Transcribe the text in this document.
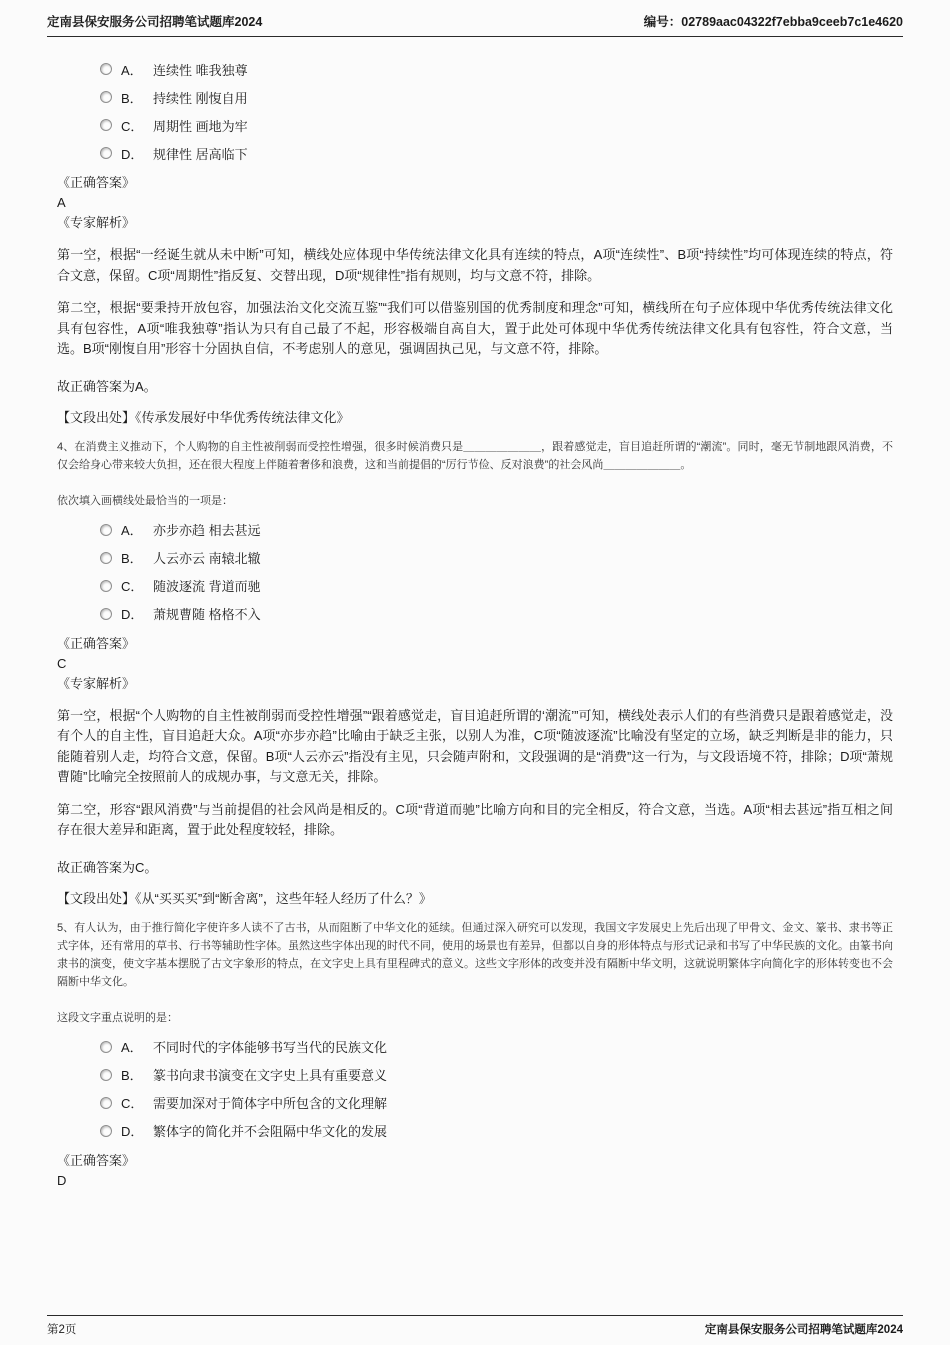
定南县保安服务公司招聘笔试题库2024	编号：02789aac04322f7ebba9ceeb7c1e4620
A． 连续性 唯我独尊
B． 持续性 刚愎自用
C． 周期性 画地为牢
D． 规律性 居高临下
《正确答案》
A
《专家解析》

第一空，根据“一经诞生就从未中断”可知，横线处应体现中华传统法律文化具有连续的特点，A项“连续性”、B项“持续性”均可体现连续的特点，符合文意，保留。C项“周期性”指反复、交替出现，D项“规律性”指有规则，均与文意不符，排除。

第二空，根据“要秉持开放包容，加强法治文化交流互鉴”“我们可以借鉴别国的优秀制度和理念”可知，横线所在句子应体现中华优秀传统法律文化具有包容性，A项“唯我独尊”指认为只有自己最了不起，形容极端自高自大，置于此处可体现中华优秀传统法律文化具有包容性，符合文意，当选。B项“刚愎自用”形容十分固执自信，不考虑别人的意见，强调固执己见，与文意不符，排除。

故正确答案为A。

【文段出处】《传承发展好中华优秀传统法律文化》

4、在消费主义推动下，个人购物的自主性被削弱而受控性增强，很多时候消费只是＿＿＿＿＿＿＿，跟着感觉走，盲目追赶所谓的“潮流”。同时，毫无节制地跟风消费，不仅会给身心带来较大负担，还在很大程度上伴随着奢侈和浪费，这和当前提倡的“厉行节俭、反对浪费”的社会风尚＿＿＿＿＿＿＿。

依次填入画横线处最恰当的一项是：

A． 亦步亦趋 相去甚远
B． 人云亦云 南辕北辙
C． 随波逐流 背道而驰
D． 萧规曹随 格格不入
《正确答案》
C
《专家解析》

第一空，根据“个人购物的自主性被削弱而受控性增强”“跟着感觉走，盲目追赶所谓的‘潮流’”可知，横线处表示人们的有些消费只是跟着感觉走，没有个人的自主性，盲目追赶大众。A项“亦步亦趋”比喻由于缺乏主张，以别人为准，C项“随波逐流”比喻没有坚定的立场，缺乏判断是非的能力，只能随着别人走，均符合文意，保留。B项“人云亦云”指没有主见，只会随声附和，文段强调的是“消费”这一行为，与文段语境不符，排除；D项“萧规曹随”比喻完全按照前人的成规办事，与文意无关，排除。

第二空，形容“跟风消费”与当前提倡的社会风尚是相反的。C项“背道而驰”比喻方向和目的完全相反，符合文意，当选。A项“相去甚远”指互相之间存在很大差异和距离，置于此处程度较轻，排除。

故正确答案为C。

【文段出处】《从“买买买”到“断舍离”，这些年轻人经历了什么？》

5、有人认为，由于推行简化字使许多人读不了古书，从而阻断了中华文化的延续。但通过深入研究可以发现，我国文字发展史上先后出现了甲骨文、金文、篆书、隶书等正式字体，还有常用的草书、行书等辅助性字体。虽然这些字体出现的时代不同，使用的场景也有差异，但都以自身的形体特点与形式记录和书写了中华民族的文化。由篆书向隶书的演变，使文字基本摆脱了古文字象形的特点，在文字史上具有里程碑式的意义。这些文字形体的改变并没有隔断中华文明，这就说明繁体字向简化字的形体转变也不会隔断中华文化。

这段文字重点说明的是：

A． 不同时代的字体能够书写当代的民族文化
B． 篆书向隶书演变在文字史上具有重要意义
C． 需要加深对于简体字中所包含的文化理解
D． 繁体字的简化并不会阻隔中华文化的发展
《正确答案》
D
第2页	定南县保安服务公司招聘笔试题库2024
